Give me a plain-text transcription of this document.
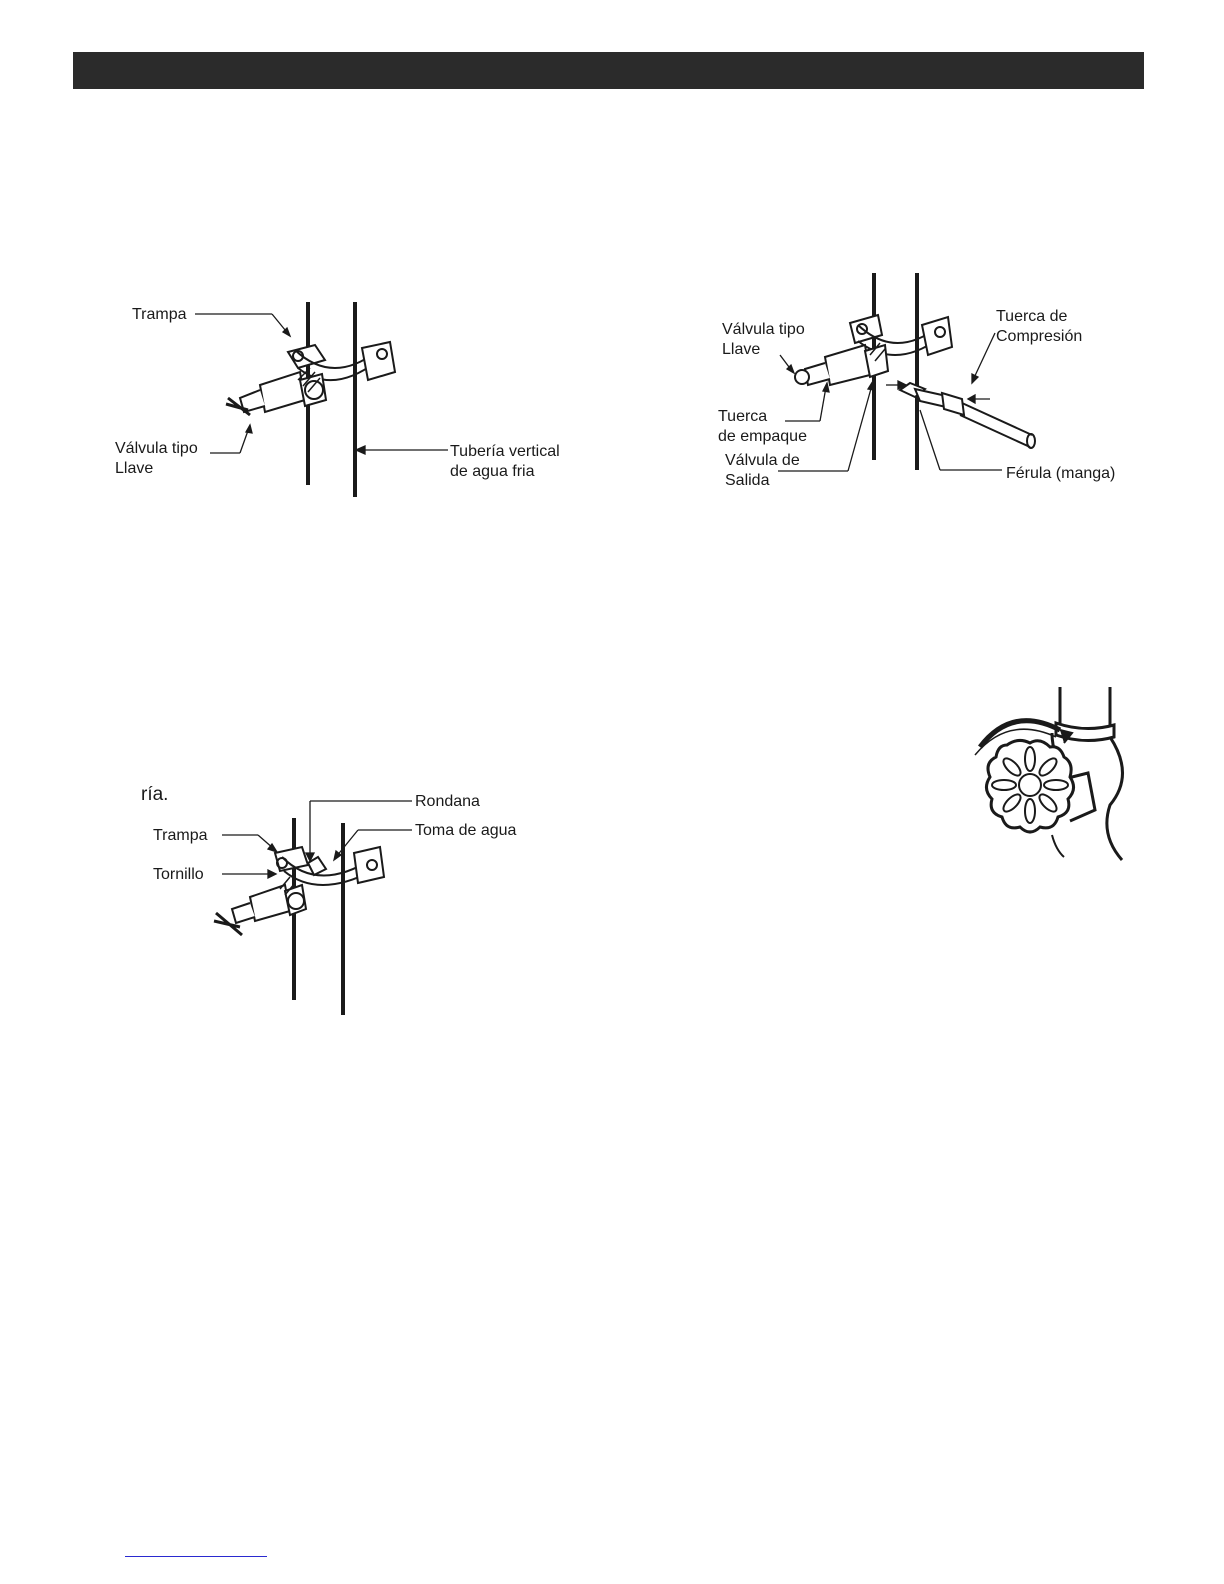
Trampa
Válvula tipo
Llave
Tubería vertical
de agua fria
Válvula tipo
Llave
Tuerca de
Compresión
Tuerca
de empaque
Válvula de
Salida	Férula (manga)
ría.	Rondana
Toma de agua
Trampa
Tornillo
